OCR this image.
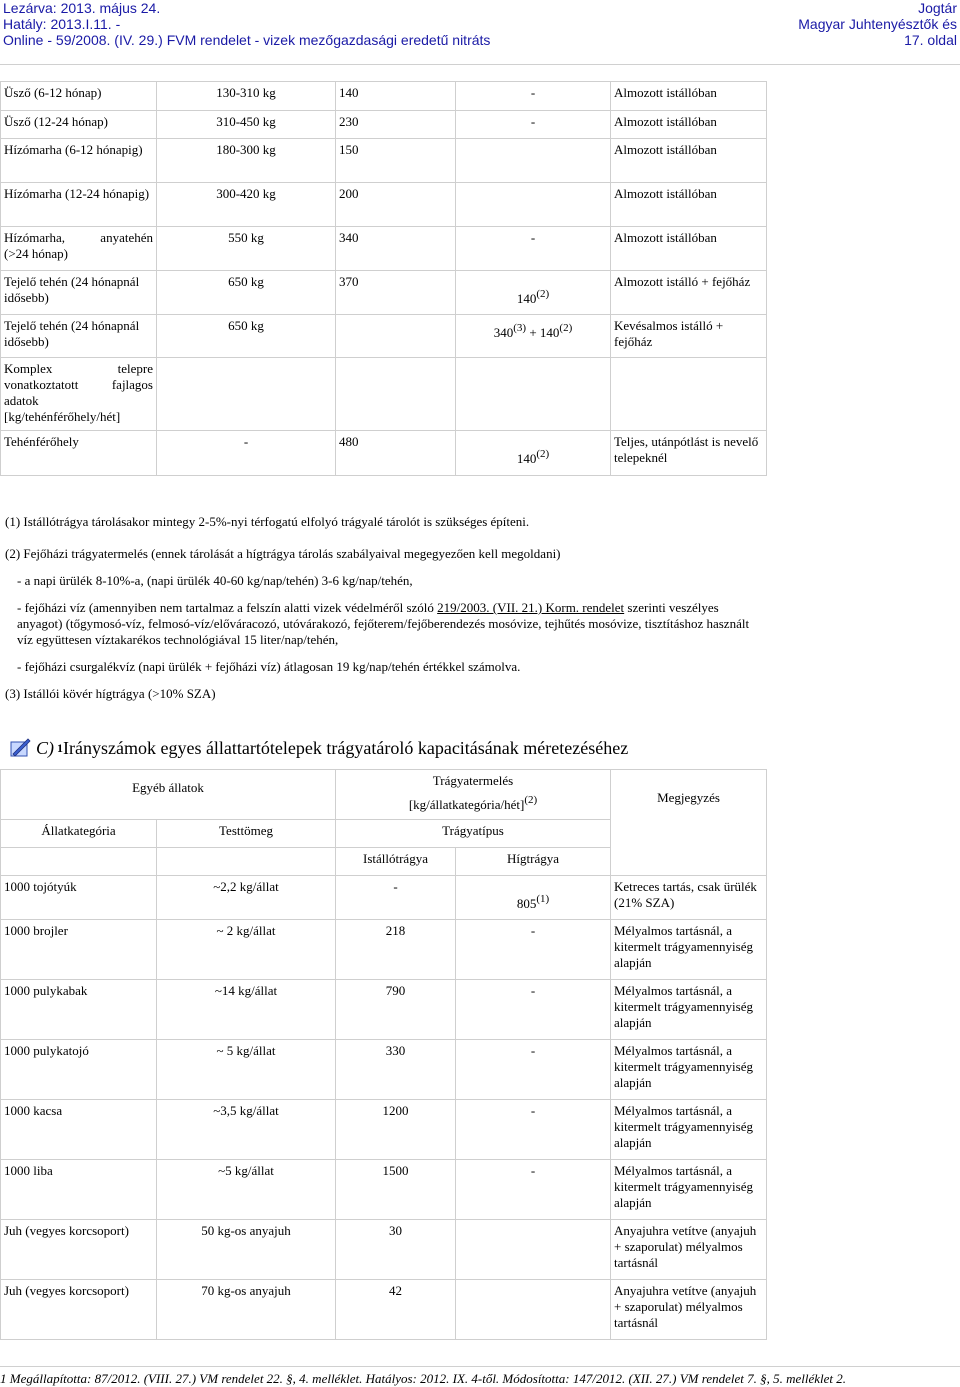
Lezárva: 2013. május 24.
Hatály: 2013.I.11. -
Online - 59/2008. (IV. 29.) FVM rendelet - vizek mezőgazdasági eredetű nitráts
Jogtár
Magyar Juhtenyésztők és
17. oldal
Üsző (6-12 hónap)	130-310 kg	140	-	Almozott istállóban
Üsző (12-24 hónap)	310-450 kg	230	-	Almozott istállóban
Hízómarha (6-12 hónapig)	180-300 kg	150		Almozott istállóban
Hízómarha (12-24 hónapig)	300-420 kg	200		Almozott istállóban

Hízómarha, anyatehén
(>24 hónap)	550 kg	340	-	Almozott istállóban
Tejelő tehén (24 hónapnál idősebb)	650 kg	370	140$^{(2)}$	Almozott istálló + fejőház
Tejelő tehén (24 hónapnál idősebb)	650 kg		$340^{(3)} + 140^{(2)}$	Kevésalmos istálló + fejőház

Komplex telepre
vonatkoztatott fajlagos
adatok [kg/tehénférőhely/hét]				

Tehénférőhely	-	480	140$^{(2)}$	Teljes, utánpótlást is nevelő telepeknél

(1) Istállótrágya tárolásakor mintegy 2-5%-nyi térfogatú elfolyó trágyalé tárolót is szükséges építeni.

(2) Fejőházi trágyatermelés (ennek tárolását a hígtrágya tárolás szabályaival megegyezően kell megoldani)

- a napi ürülék 8-10%-a, (napi ürülék 40-60 kg/nap/tehén) 3-6 kg/nap/tehén,

- fejőházi víz (amennyiben nem tartalmaz a felszín alatti vizek védelméről szóló 219/2003. (VII. 21.) Korm. rendelet szerinti veszélyes anyagot) (tőgymosó-víz, felmosó-víz/előváracozó, utóvárakozó, fejőterem/fejőberendezés mosóvize, tejhűtés mosóvize, tisztításhoz használt víz együttesen víztakarékos technológiával 15 liter/nap/tehén,

- fejőházi csurgalékvíz (napi ürülék + fejőházi víz) átlagosan 19 kg/nap/tehén értékkel számolva.

(3) Istállói kövér hígtrágya (>10% SZA)

C) 1 Irányszámok egyes állattartótelepek trágyatároló kapacitásának méretezéséhez
Egyéb állatok		Trágyatermelés
[kg/állatkategória/hét]$^{(2)}$		Megjegyzés
Állatkategória	Testtömeg	Trágyatípus		
		Istállótrágya	Hígtrágya	
1000 tojótyúk	~2,2 kg/állat	-	805$^{(1)}$	Ketreces tartás, csak ürülék (21% SZA)
1000 brojler	~ 2 kg/állat	218	-	Mélyalmos tartásnál, a kitermelt trágyamennyiség alapján
1000 pulykabak	~14 kg/állat	790	-	Mélyalmos tartásnál, a kitermelt trágyamennyiség alapján
1000 pulykatojó	~ 5 kg/állat	330	-	Mélyalmos tartásnál, a kitermelt trágyamennyiség alapján
1000 kacsa	~3,5 kg/állat	1200	-	Mélyalmos tartásnál, a kitermelt trágyamennyiség alapján
1000 liba	~5 kg/állat	1500	-	Mélyalmos tartásnál, a kitermelt trágyamennyiség alapján
Juh (vegyes korcsoport)	50 kg-os anyajuh	30		Anyajuhra vetítve (anyajuh + szaporulat) mélyalmos tartásnál
Juh (vegyes korcsoport)	70 kg-os anyajuh	42		Anyajuhra vetítve (anyajuh + szaporulat) mélyalmos tartásnál
1 Megállapította: 87/2012. (VIII. 27.) VM rendelet 22. §, 4. melléklet. Hatályos: 2012. IX. 4-től. Módosította: 147/2012. (XII. 27.) VM rendelet 7. §, 5. melléklet 2.
